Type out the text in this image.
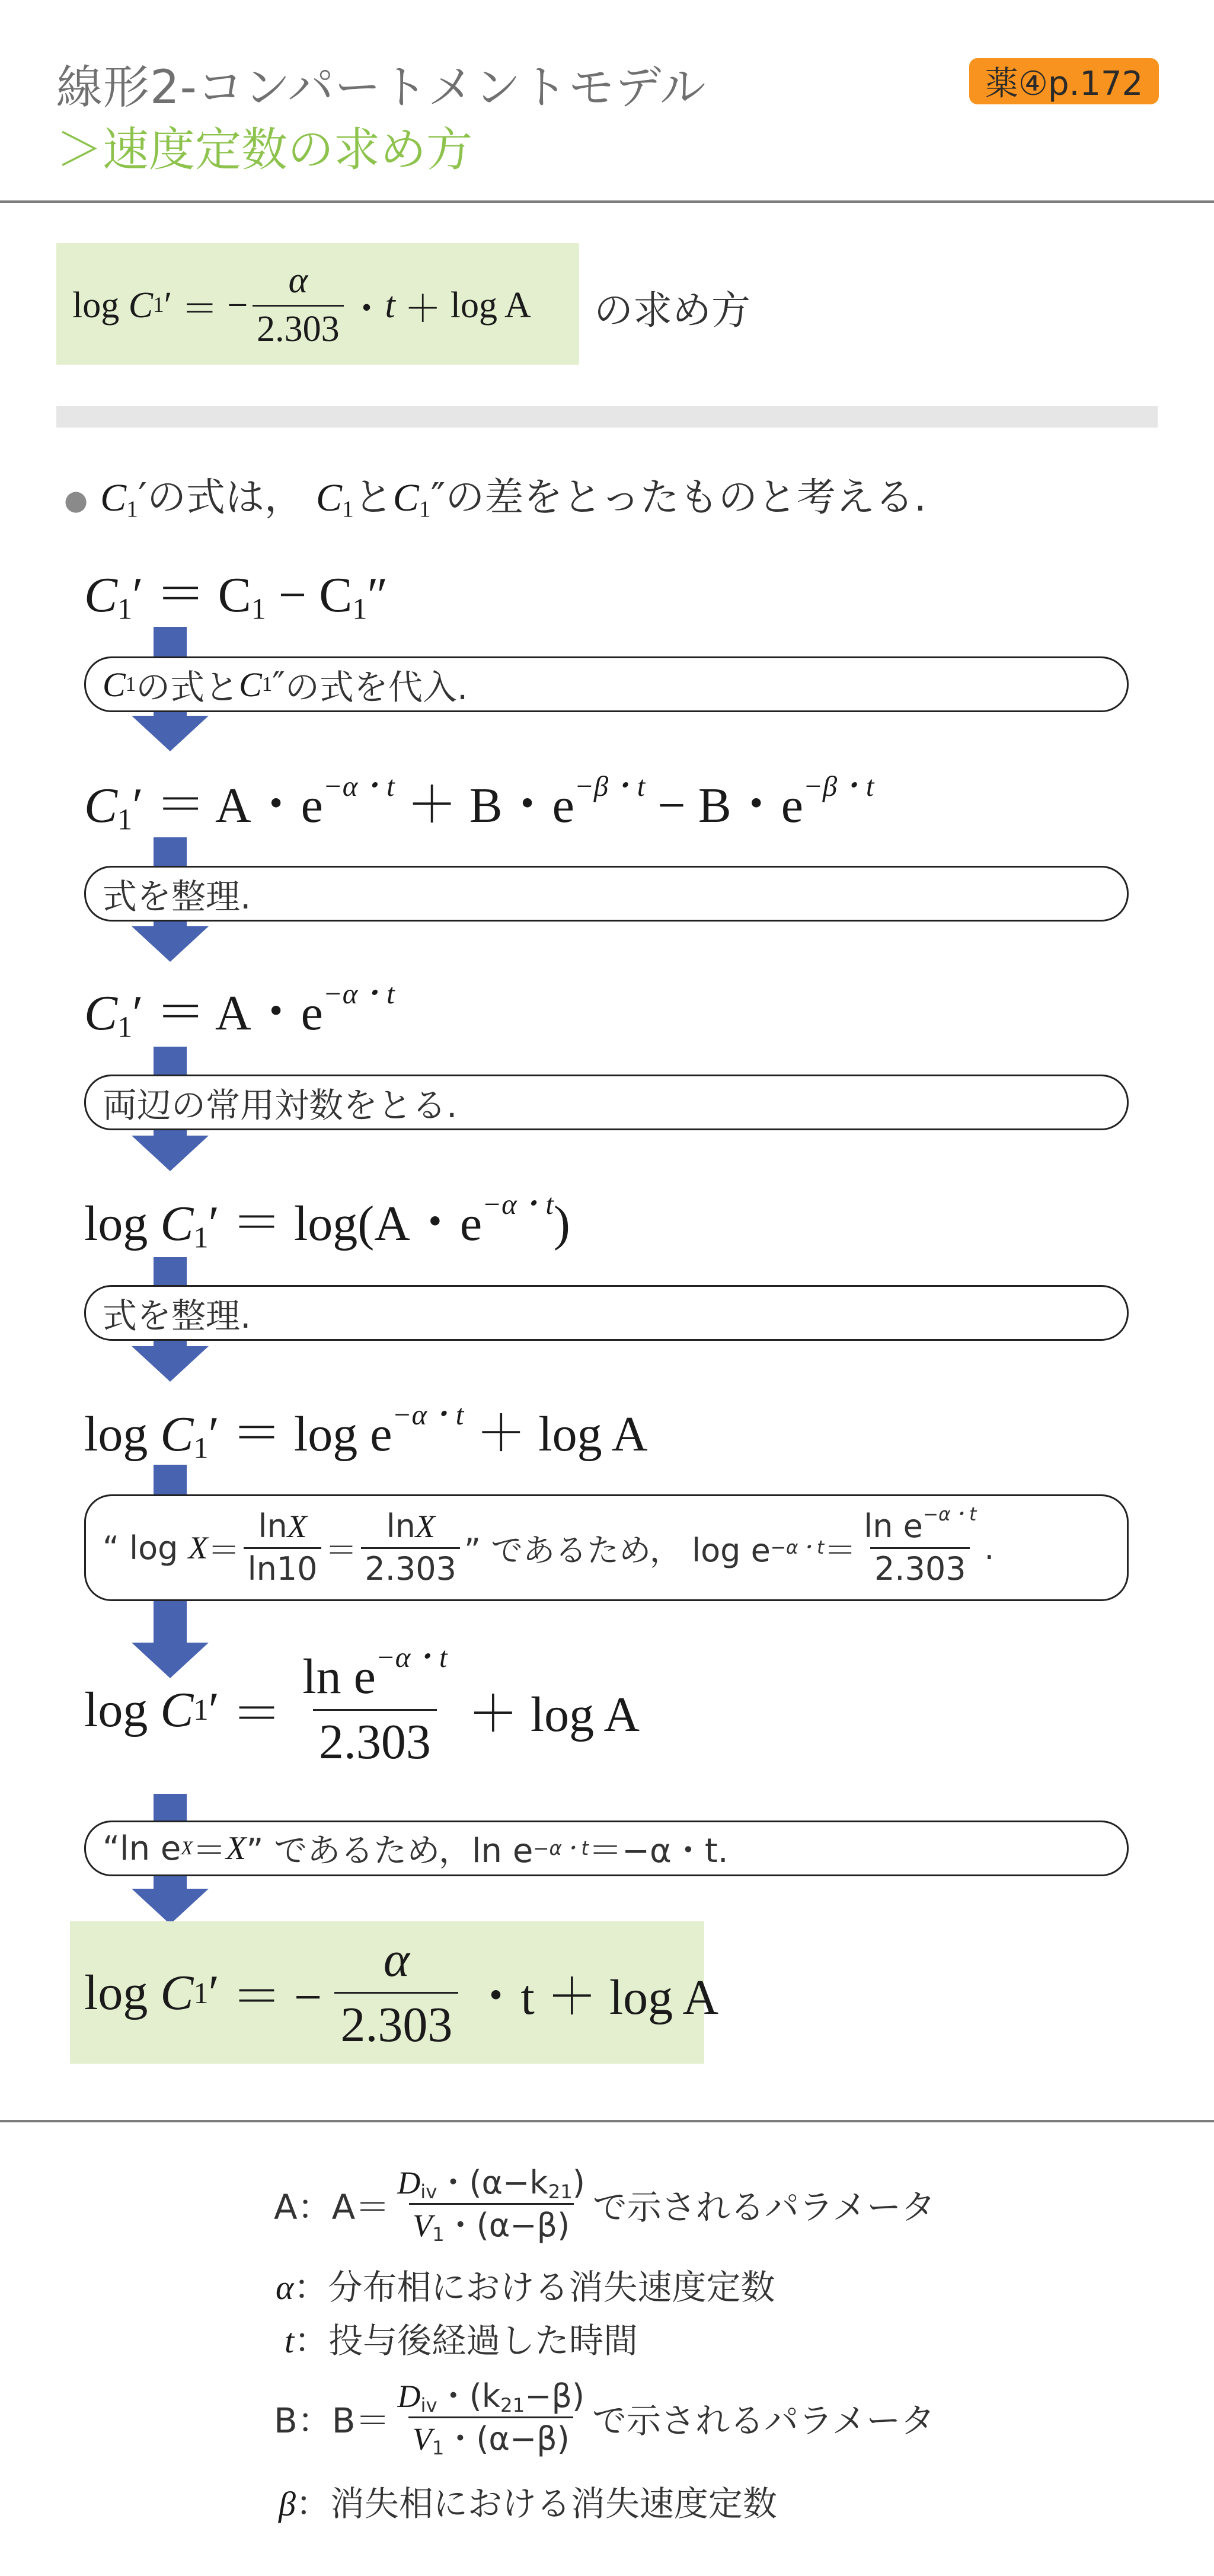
線形2-コンパートメントモデル
＞速度定数の求め方
薬④p.172
log
C 1 ′
＝
− $\frac{\alpha}{2.303}$ ・ t
＋
log A の求め方
● $C_1'$の式は， $C_1$と$C_1''$の差をとったものと考える.
$C_1' = C_1 - C_1''$
C 1 の式と C 1 ″ の式を代入.
$C_1' = A$・$e^{-\alpha・t} + B$・$e^{-\beta・t} - B$・$e^{-\beta・t}$
式を整理.
$C_1' = A$・$e^{-\alpha・t}$
両辺の常用対数をとる.
$\log C_1' = \log(A$・$e^{-\alpha・t}$)
式を整理.
$\log C_1' = \log e^{-\alpha・t} + \log A$
“ log
$X = \frac{\ln X}{\ln 10} = \frac{\ln X}{2.303}$ ” であるため， log e −α・$t = \frac{\ln e^{-\alpha・t}}{2.303}$ .
log
C 1 ′
＝ $\frac{\ln e^{-\alpha・t}}{2.303} + \log A$
“ln e X ＝ X ” であるため，ln e −α・t ＝−α・t.
log
C 1 ′
＝ − $\frac{\alpha}{2.303}$ ・t ＋ log A
A：$A= \frac{D_{iv}・(\alpha-k_{21})}{V_1・(\alpha-\beta)}$ で示されるパラメータ
α：分布相における消失速度定数
t：投与後経過した時間
B：$B= \frac{D_{iv}・(k_{21}-\beta)}{V_1・(\alpha-\beta)}$ で示されるパラメータ
β：消失相における消失速度定数
